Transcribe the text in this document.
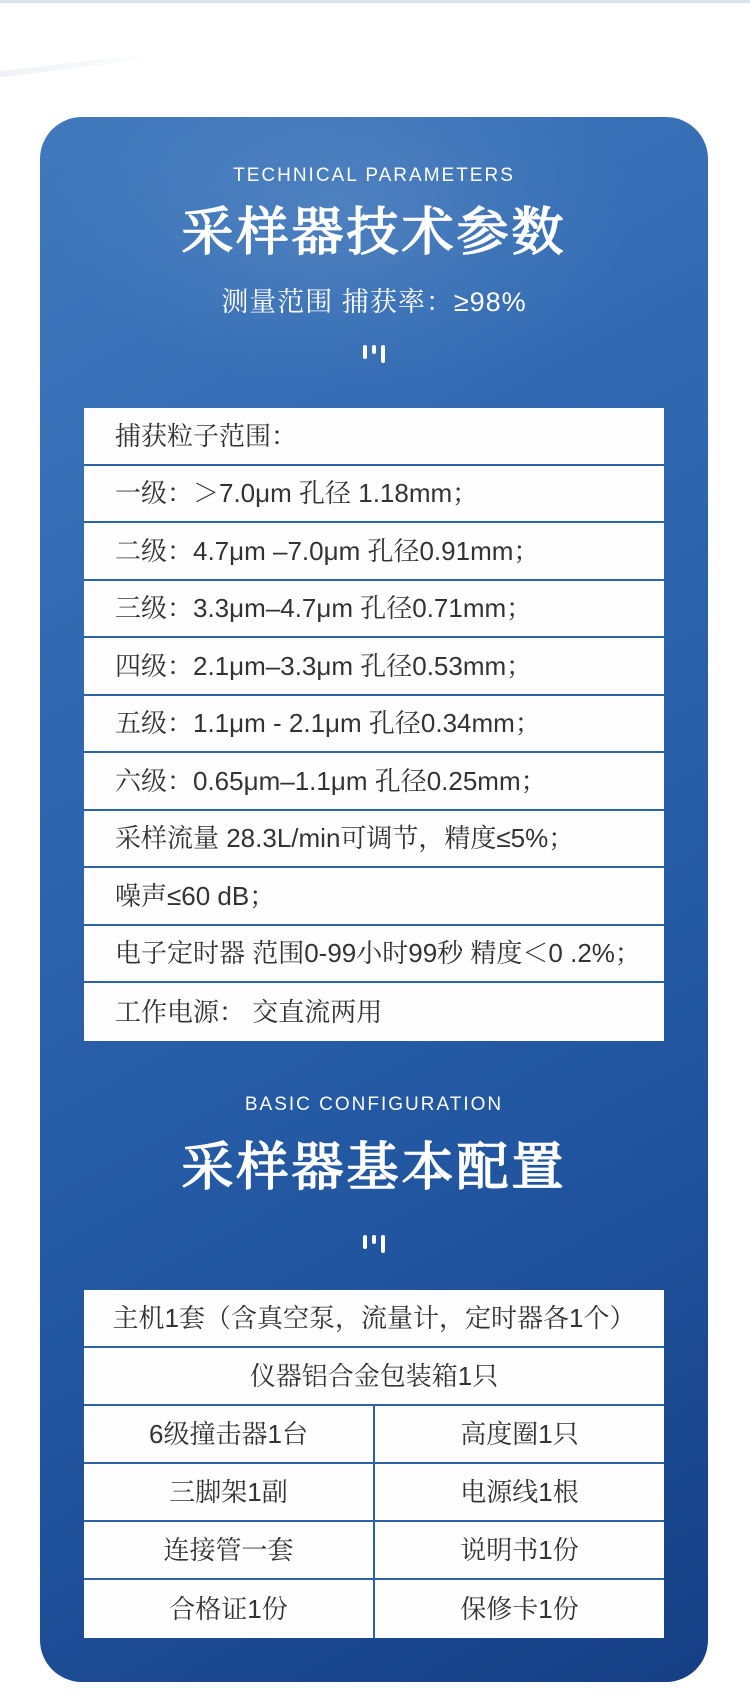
TECHNICAL PARAMETERS
采样器技术参数
测量范围 捕获率：≥98%
捕获粒子范围：
一级：＞7.0μm 孔径 1.18mm；
二级：4.7μm –7.0μm 孔径0.91mm；
三级：3.3μm–4.7μm 孔径0.71mm；
四级：2.1μm–3.3μm 孔径0.53mm；
五级：1.1μm - 2.1μm 孔径0.34mm；
六级：0.65μm–1.1μm 孔径0.25mm；
采样流量 28.3L/min可调节，精度≤5%；
噪声≤60 dB；
电子定时器 范围0-99小时99秒 精度＜0 .2%；
工作电源： 交直流两用
BASIC CONFIGURATION
采样器基本配置
主机1套（含真空泵，流量计，定时器各1个）
仪器铝合金包装箱1只
6级撞击器1台	高度圈1只
三脚架1副	电源线1根
连接管一套	说明书1份
合格证1份	保修卡1份
